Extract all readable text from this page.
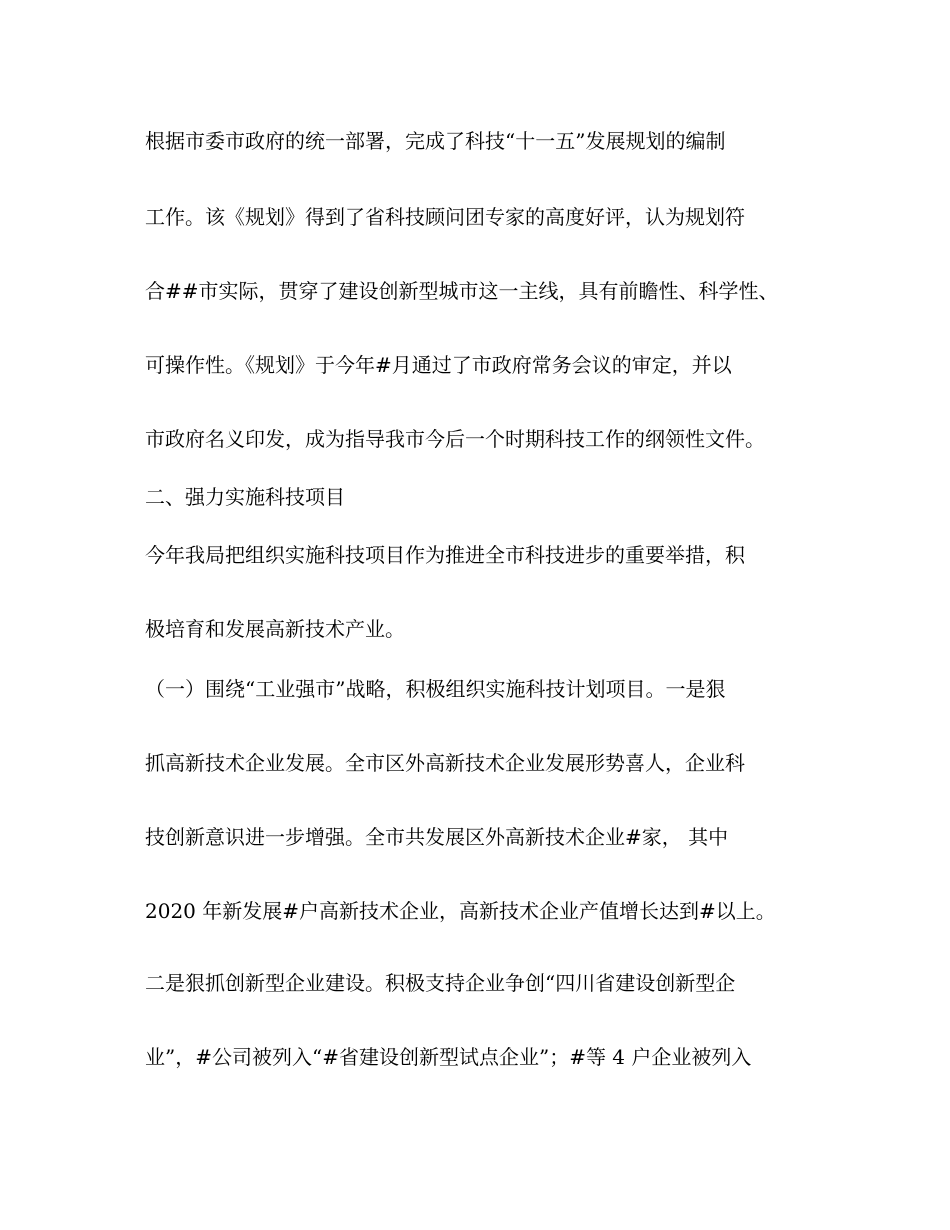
根据市委市政府的统一部署，完成了科技“十一五”发展规划的编制
工作。该《规划》得到了省科技顾问团专家的高度好评，认为规划符
合##市实际，贯穿了建设创新型城市这一主线，具有前瞻性、科学性、
可操作性。《规划》于今年#月通过了市政府常务会议的审定，并以
市政府名义印发，成为指导我市今后一个时期科技工作的纲领性文件。
二、强力实施科技项目
今年我局把组织实施科技项目作为推进全市科技进步的重要举措，积
极培育和发展高新技术产业。
（一）围绕“工业强市”战略，积极组织实施科技计划项目。一是狠
抓高新技术企业发展。全市区外高新技术企业发展形势喜人，企业科
技创新意识进一步增强。全市共发展区外高新技术企业#家， 其中
2020 年新发展#户高新技术企业，高新技术企业产值增长达到#以上。
二是狠抓创新型企业建设。积极支持企业争创“四川省建设创新型企
业”，#公司被列入“#省建设创新型试点企业”；#等 4 户企业被列入
